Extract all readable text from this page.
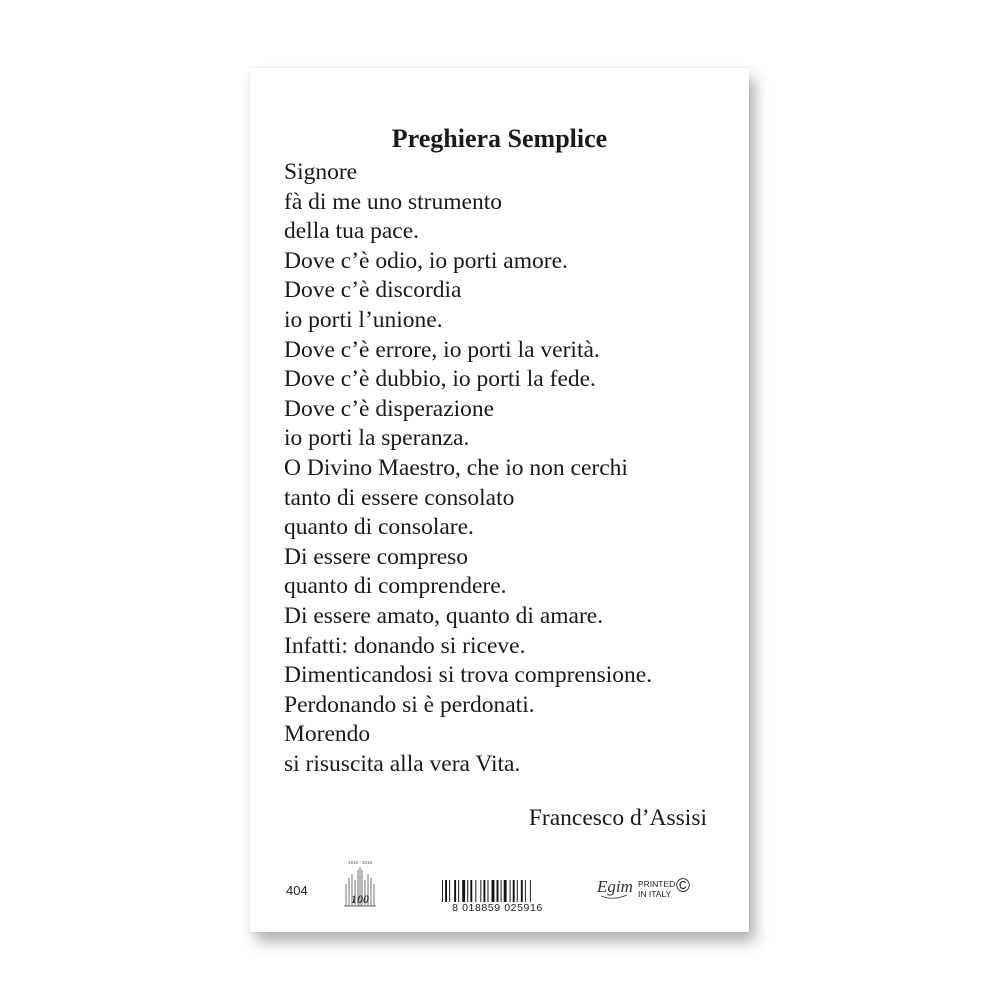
Preghiera Semplice
Signore
fà di me uno strumento
della tua pace.
Dove c’è odio, io porti amore.
Dove c’è discordia
io porti l’unione.
Dove c’è errore, io porti la verità.
Dove c’è dubbio, io porti la fede.
Dove c’è disperazione
io porti la speranza.
O Divino Maestro, che io non cerchi
tanto di essere consolato
quanto di consolare.
Di essere compreso
quanto di comprendere.
Di essere amato, quanto di amare.
Infatti: donando si riceve.
Dimenticandosi si trova comprensione.
Perdonando si è perdonati.
Morendo
si risuscita alla vera Vita.
Francesco d’Assisi
404
1916 - 2016
100
8 018859 025916
Egim PRINTED
IN ITALY ©
